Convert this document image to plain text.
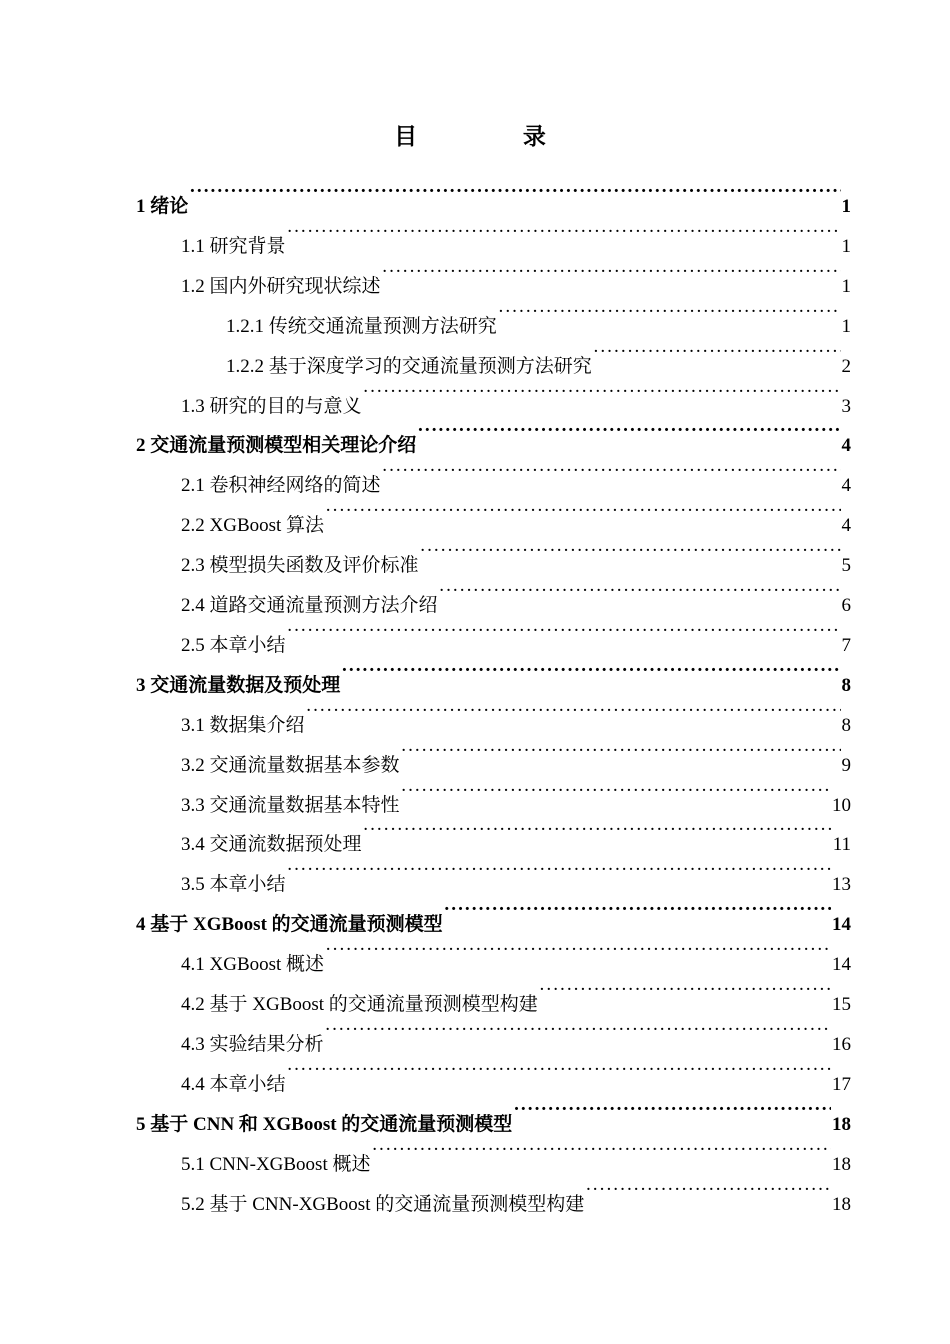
目 录
1 绪论 ·····	1
1.1 研究背景 ·····	1
1.2 国内外研究现状综述 ·····	1
1.2.1 传统交通流量预测方法研究 ·····	1
1.2.2 基于深度学习的交通流量预测方法研究 ·····	2
1.3 研究的目的与意义 ·····	3
2 交通流量预测模型相关理论介绍 ·····	4
2.1 卷积神经网络的简述 ·····	4
2.2 XGBoost 算法 ·····	4
2.3 模型损失函数及评价标准 ·····	5
2.4 道路交通流量预测方法介绍 ·····	6
2.5 本章小结 ·····	7
3 交通流量数据及预处理 ·····	8
3.1 数据集介绍 ·····	8
3.2 交通流量数据基本参数 ·····	9
3.3 交通流量数据基本特性 ·····	10
3.4 交通流数据预处理 ·····	11
3.5 本章小结 ·····	13
4 基于 XGBoost 的交通流量预测模型 ·····	14
4.1 XGBoost 概述 ·····	14
4.2 基于 XGBoost 的交通流量预测模型构建 ·····	15
4.3 实验结果分析 ·····	16
4.4 本章小结 ·····	17
5 基于 CNN 和 XGBoost 的交通流量预测模型 ·····	18
5.1 CNN-XGBoost 概述 ·····	18
5.2 基于 CNN-XGBoost 的交通流量预测模型构建 ·····	18
